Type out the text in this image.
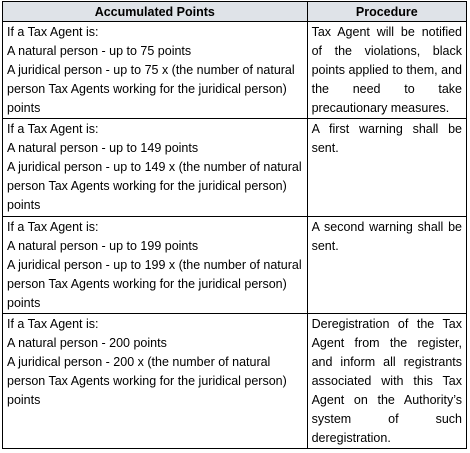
Accumulated Points	Procedure

If a Tax Agent is:
A natural person - up to 75 points
A juridical person - up to 75 x (the number of natural person Tax Agents working for the juridical person) points	Tax Agent will be notified of the violations, black points applied to them, and the need to take precautionary measures.

If a Tax Agent is:
A natural person - up to 149 points
A juridical person - up to 149 x (the number of natural person Tax Agents working for the juridical person) points	A first warning shall be sent.

If a Tax Agent is:
A natural person - up to 199 points
A juridical person - up to 199 x (the number of natural person Tax Agents working for the juridical person) points	A second warning shall be sent.

If a Tax Agent is:
A natural person - 200 points
A juridical person - 200 x (the number of natural person Tax Agents working for the juridical person) points	Deregistration of the Tax Agent from the register, and inform all registrants associated with this Tax Agent on the Authority’s system of such deregistration.
